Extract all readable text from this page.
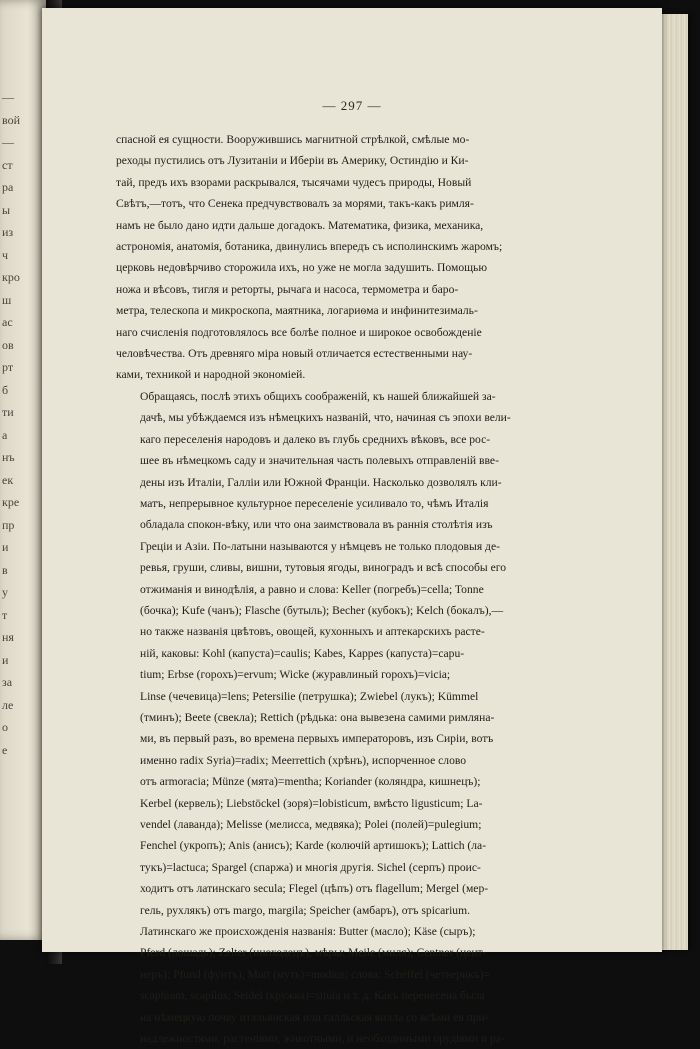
—
вой
—
ст
ра
ы
из
ч
кро
ш
ас
ов
рт
б
ти
а
нъ
ек
кре
пр
и
в
у
т
ня
и
за
ле
о
е
— 297 —

спасной ея сущности. Вооружившись магнитной стрѣлкой, смѣлые мо-
реходы пустились отъ Лузитаніи и Иберіи въ Америку, Остиндію и Ки-
тай, предъ ихъ взорами раскрывался, тысячами чудесъ природы, Новый
Свѣтъ,—тотъ, что Сенека предчувствовалъ за морями, такъ-какъ римля-
намъ не было дано идти дальше догадокъ. Математика, физика, механика,
астрономія, анатомія, ботаника, двинулись впередъ съ исполинскимъ жаромъ;
церковь недовѣрчиво сторожила ихъ, но уже не могла задушить. Помощью
ножа и вѣсовъ, тигля и реторты, рычага и насоса, термометра и баро-
метра, телескопа и микроскопа, маятника, логариѳма и инфинитезималь-
наго счисленія подготовлялось все болѣе полное и широкое освобожденіе
человѣчества. Отъ древняго міра новый отличается естественными нау-
ками, техникой и народной экономіей.

Обращаясь, послѣ этихъ общихъ соображеній, къ нашей ближайшей за-
дачѣ, мы убѣждаемся изъ нѣмецкихъ названій, что, начиная съ эпохи вели-
каго переселенія народовъ и далеко въ глубь среднихъ вѣковъ, все рос-
шее въ нѣмецкомъ саду и значительная часть полевыхъ отправленій вве-
дены изъ Италіи, Галліи или Южной Франціи. Насколько дозволялъ кли-
матъ, непрерывное культурное переселеніе усиливало то, чѣмъ Италія
обладала спокон-вѣку, или что она заимствовала въ раннія столѣтія изъ
Греціи и Азіи. По-латыни называются у нѣмцевъ не только плодовыя де-
ревья, груши, сливы, вишни, тутовыя ягоды, виноградъ и всѣ способы его
отжиманія и винодѣлія, а равно и слова: Keller (погребъ)=cella; Tonne
(бочка); Kufe (чанъ); Flasche (бутыль); Becher (кубокъ); Kelch (бокалъ),—
но также названія цвѣтовъ, овощей, кухонныхъ и аптекарскихъ расте-
ній, каковы: Kohl (капуста)=caulis; Kabes, Kappes (капуста)=capu-
tium; Erbse (горохъ)=ervum; Wicke (журавлиный горохъ)=vicia;
Linse (чечевица)=lens; Petersilie (петрушка); Zwiebel (лукъ); Kümmel
(тминъ); Beete (свекла); Rettich (рѣдька: она вывезена самими римляна-
ми, въ первый разъ, во времена первыхъ императоровъ, изъ Сиріи, вотъ
именно radix Syria)=radix; Meerrettich (хрѣнъ), испорченное слово
отъ armoracia; Münze (мята)=mentha; Koriander (коляндра, кишнецъ);
Kerbel (кервель); Liebstöckel (зоря)=lobisticum, вмѣсто ligusticum; La-
vendel (лаванда); Melisse (мелисса, медвяка); Polei (полей)=pulegium;
Fenchel (укропъ); Anis (анисъ); Karde (колючій артишокъ); Lattich (ла-
тукъ)=lactuca; Spargel (спаржа) и многія другія. Sichel (серпъ) проис-
ходитъ отъ латинскаго secula; Flegel (цѣпъ) отъ flagellum; Mergel (мер-
гель, рухлякъ) отъ margo, margila; Speicher (амбаръ), отъ spicarium.
Латинскаго же происхожденія названія: Butter (масло); Käse (сыръ);
Pferd (лошадь); Zelter (иноходецъ), мѣры: Meile (миля); Centner (цент-
неръ); Pfund (фунтъ), Mutt (муть)=modius; слова: Scheffel (четверикъ)=
scaphium, scapilus; Seidel (кружка)=situla и т. д. Какъ перенесена была
на нѣмецкую почву итальянская или галльская вилла со всѣми ея при-
надлежностями, растеніями, животными, и необходимыми орудіями и ра-
